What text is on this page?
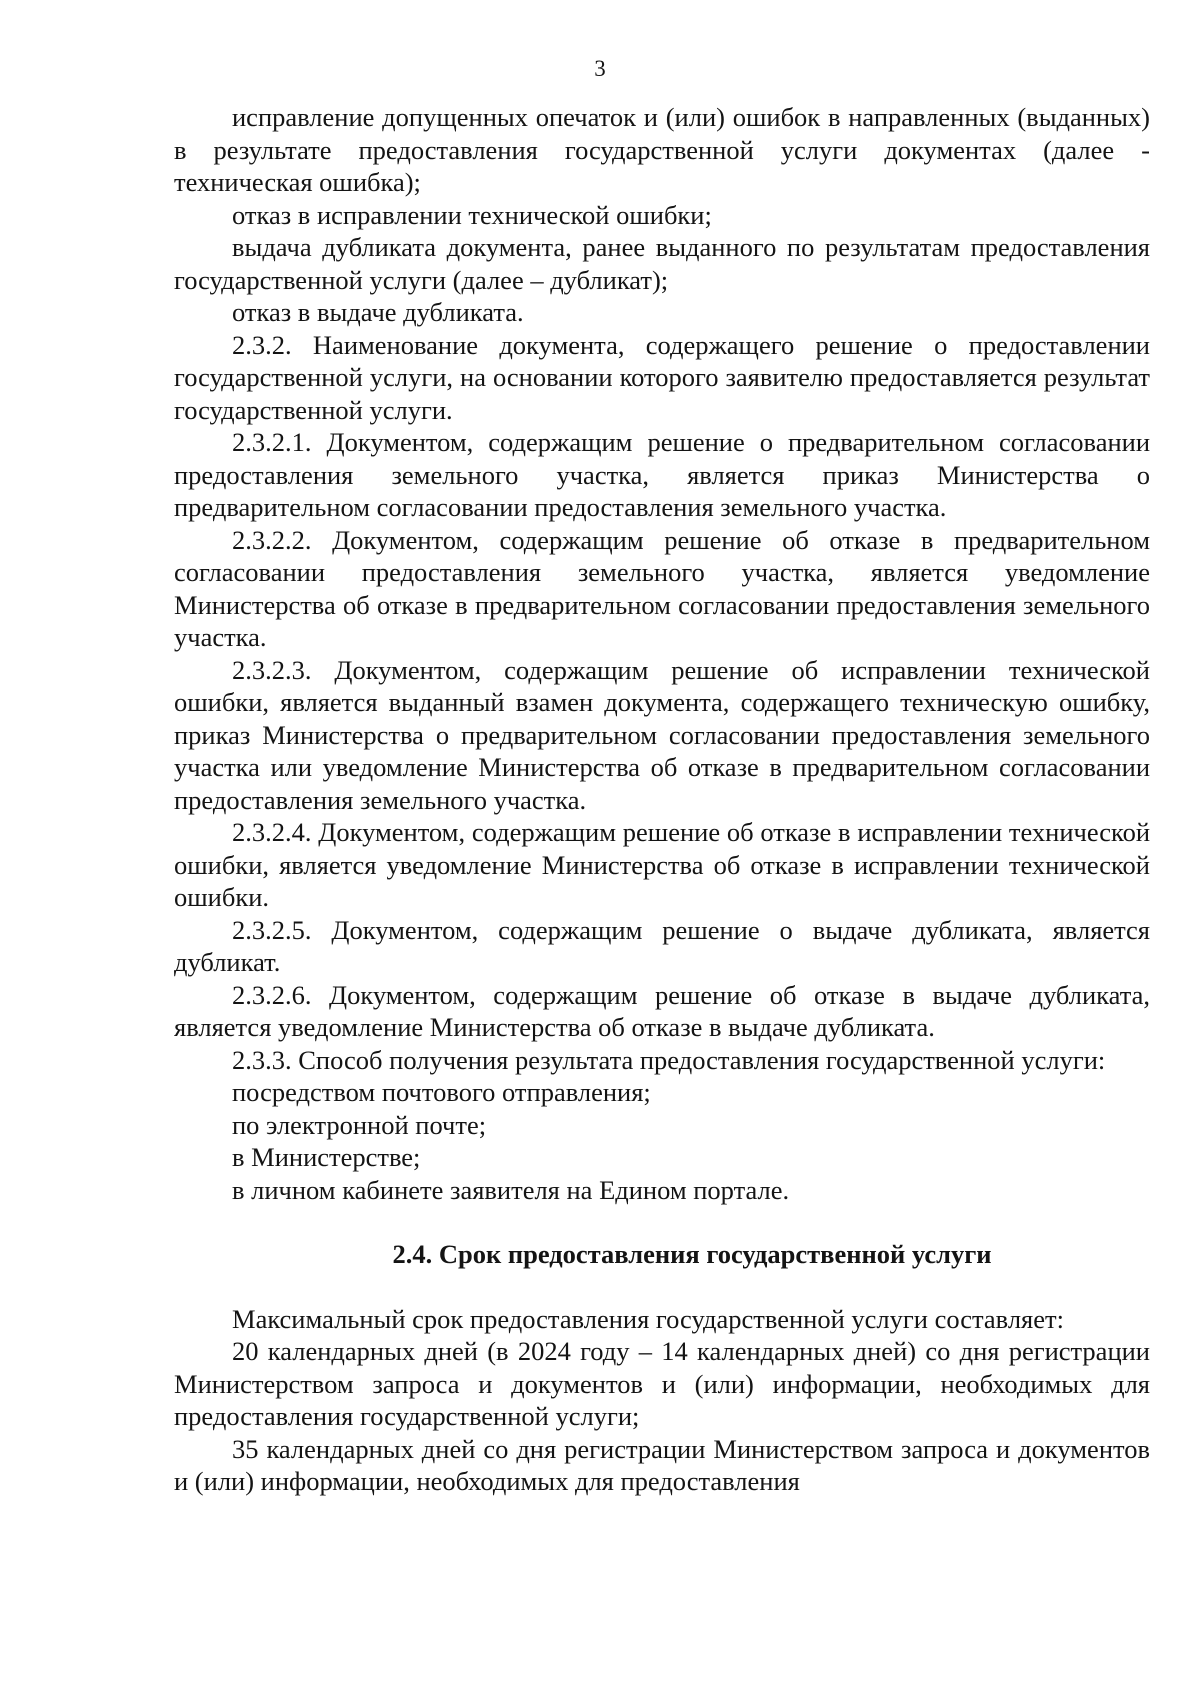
3

исправление допущенных опечаток и (или) ошибок в направленных (выданных) в результате предоставления государственной услуги документах (далее - техническая ошибка);

отказ в исправлении технической ошибки;

выдача дубликата документа, ранее выданного по результатам предоставления государственной услуги (далее – дубликат);

отказ в выдаче дубликата.

2.3.2. Наименование документа, содержащего решение о предоставлении государственной услуги, на основании которого заявителю предоставляется результат государственной услуги.

2.3.2.1. Документом, содержащим решение о предварительном согласовании предоставления земельного участка, является приказ Министерства о предварительном согласовании предоставления земельного участка.

2.3.2.2. Документом, содержащим решение об отказе в предварительном согласовании предоставления земельного участка, является уведомление Министерства об отказе в предварительном согласовании предоставления земельного участка.

2.3.2.3. Документом, содержащим решение об исправлении технической ошибки, является выданный взамен документа, содержащего техническую ошибку, приказ Министерства о предварительном согласовании предоставления земельного участка или уведомление Министерства об отказе в предварительном согласовании предоставления земельного участка.

2.3.2.4. Документом, содержащим решение об отказе в исправлении технической ошибки, является уведомление Министерства об отказе в исправлении технической ошибки.

2.3.2.5. Документом, содержащим решение о выдаче дубликата, является дубликат.

2.3.2.6. Документом, содержащим решение об отказе в выдаче дубликата, является уведомление Министерства об отказе в выдаче дубликата.

2.3.3. Способ получения результата предоставления государственной услуги:

посредством почтового отправления;

по электронной почте;

в Министерстве;

в личном кабинете заявителя на Едином портале.

2.4. Срок предоставления государственной услуги

Максимальный срок предоставления государственной услуги составляет:

20 календарных дней (в 2024 году – 14 календарных дней) со дня регистрации Министерством запроса и документов и (или) информации, необходимых для предоставления государственной услуги;

35 календарных дней со дня регистрации Министерством запроса и документов и (или) информации, необходимых для предоставления
